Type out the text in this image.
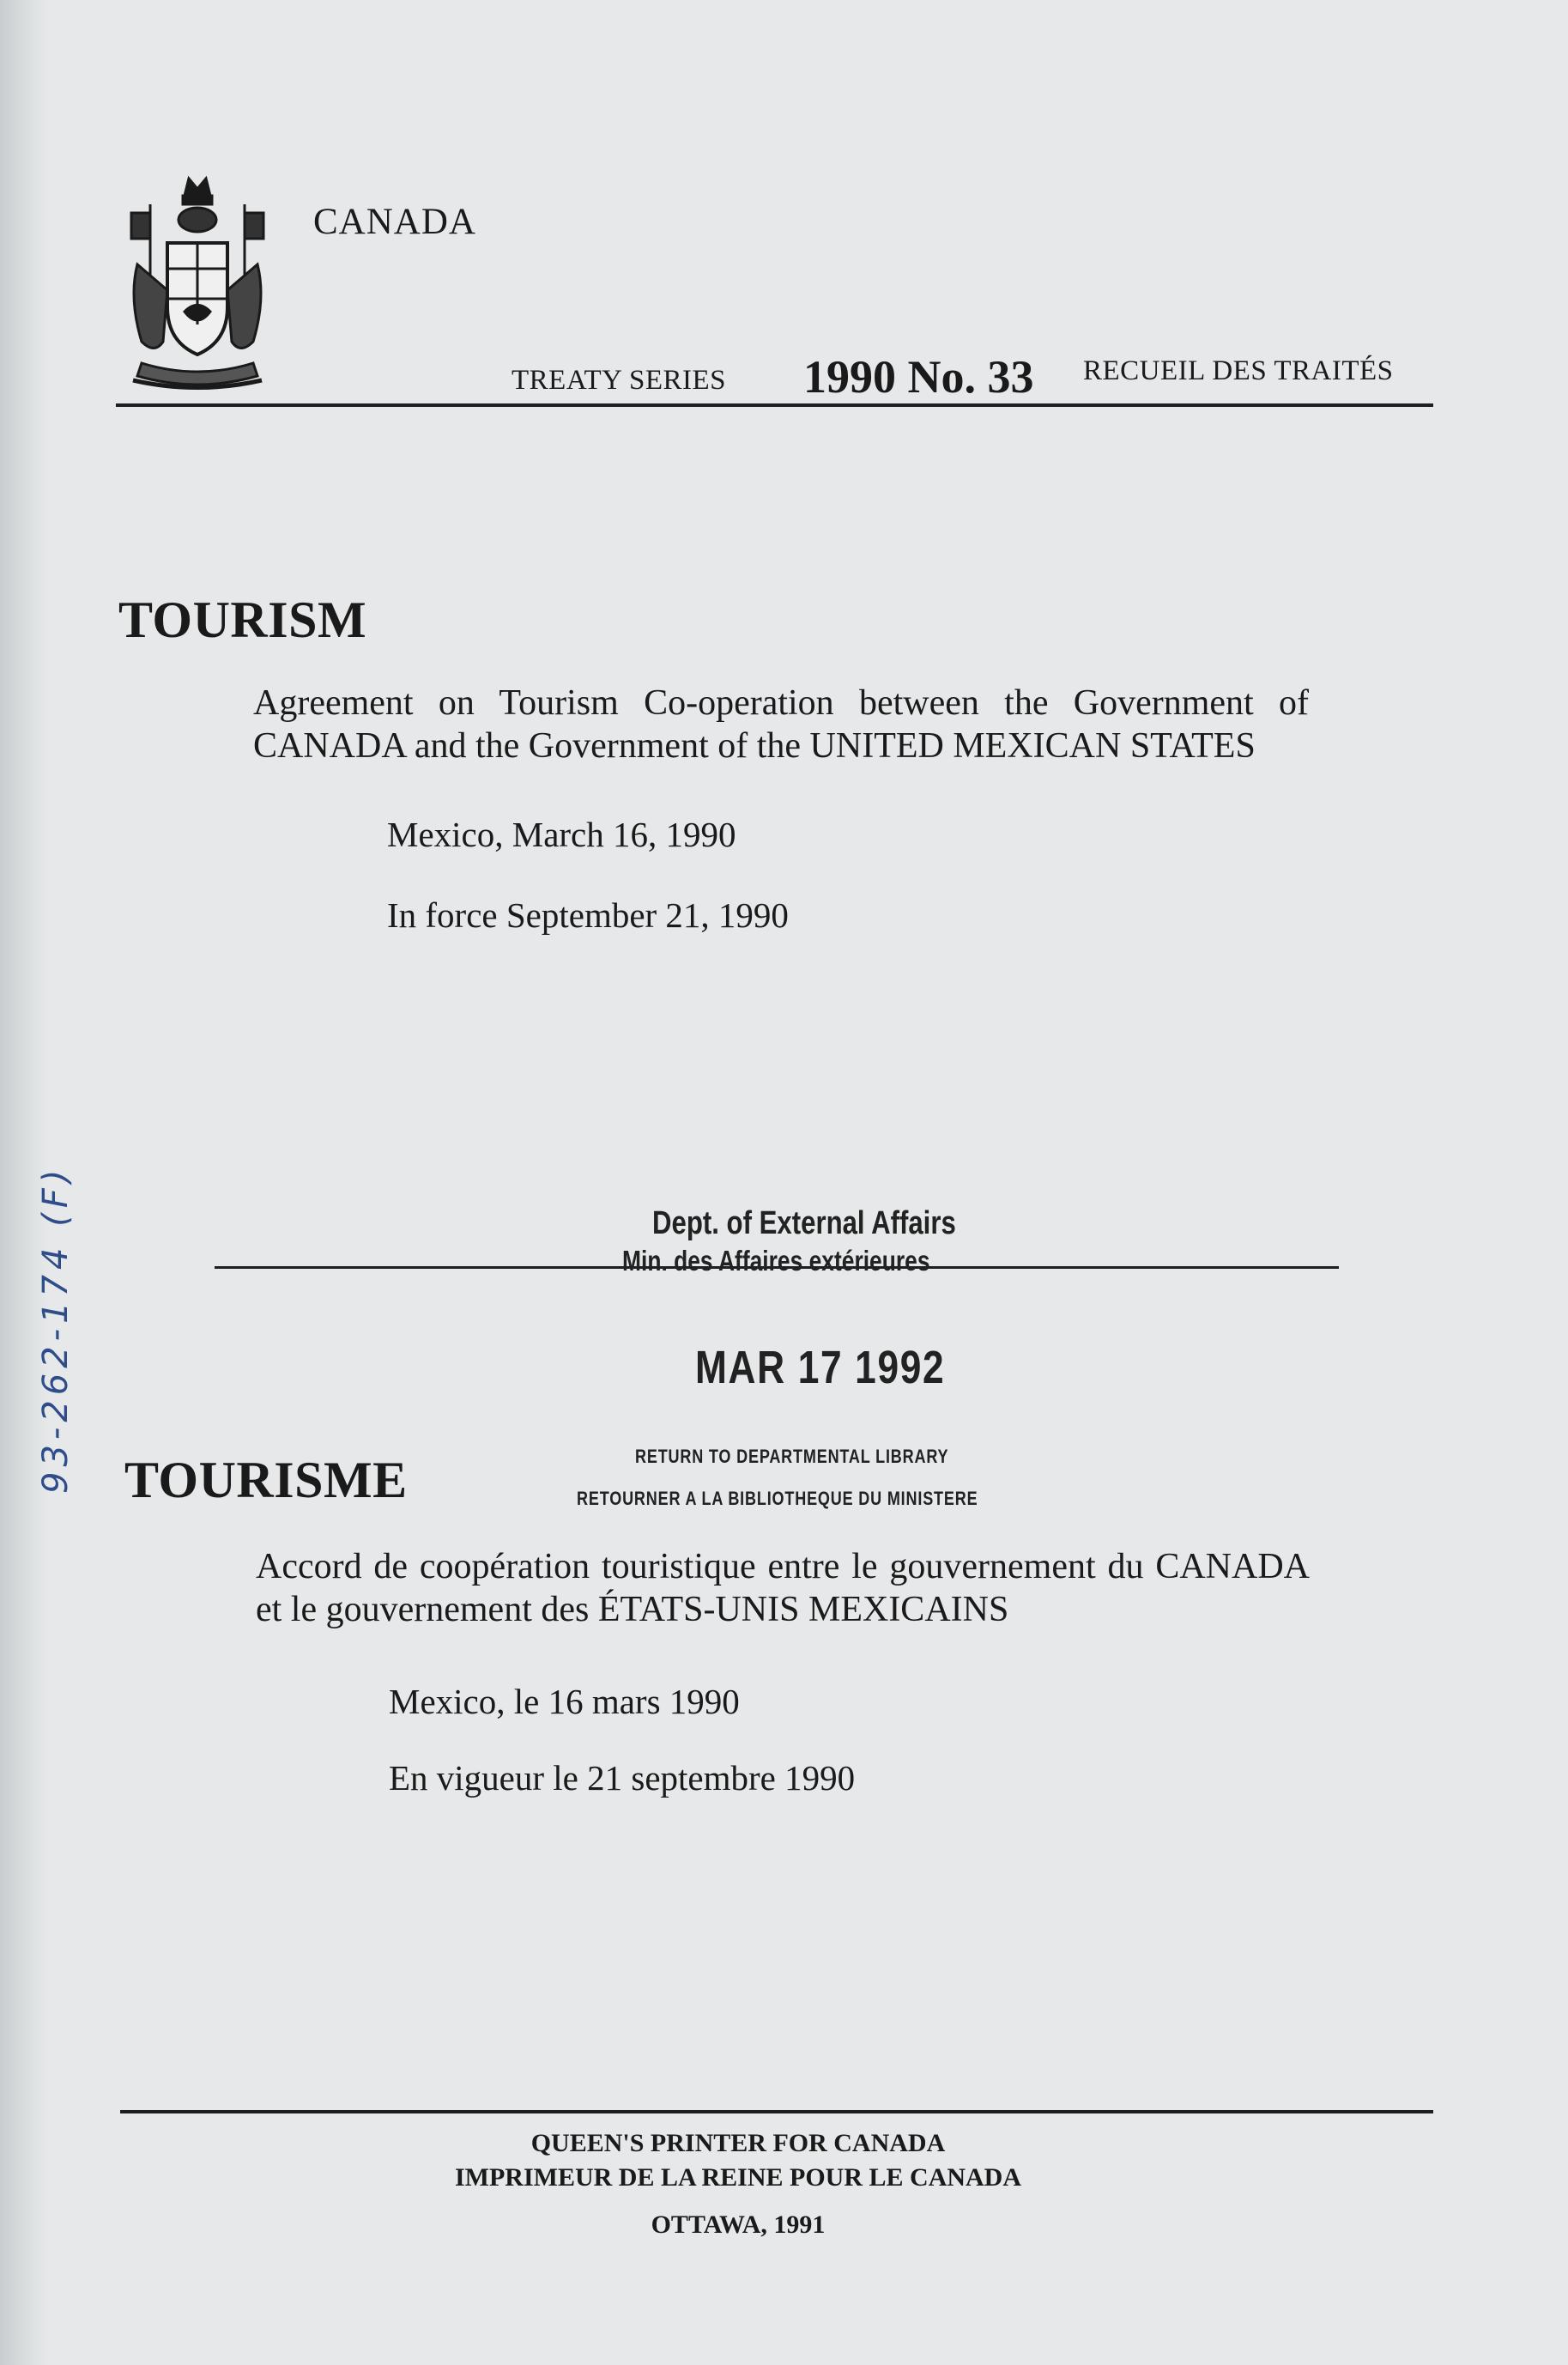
CANADA
TREATY SERIES 1990 No. 33 RECUEIL DES TRAITÉS
TOURISM
Agreement on Tourism Co-operation between the Government of CANADA and the Government of the UNITED MEXICAN STATES
Mexico, March 16, 1990
In force September 21, 1990
Dept. of External Affairs
Min. des Affaires extérieures
MAR 17 1992
RETURN TO DEPARTMENTAL LIBRARY
RETOURNER A LA BIBLIOTHEQUE DU MINISTERE
93-262-174 (F) TOURISME
Accord de coopération touristique entre le gouvernement du CANADA et le gouvernement des ÉTATS-UNIS MEXICAINS
Mexico, le 16 mars 1990
En vigueur le 21 septembre 1990
QUEEN'S PRINTER FOR CANADA
IMPRIMEUR DE LA REINE POUR LE CANADA
OTTAWA, 1991
